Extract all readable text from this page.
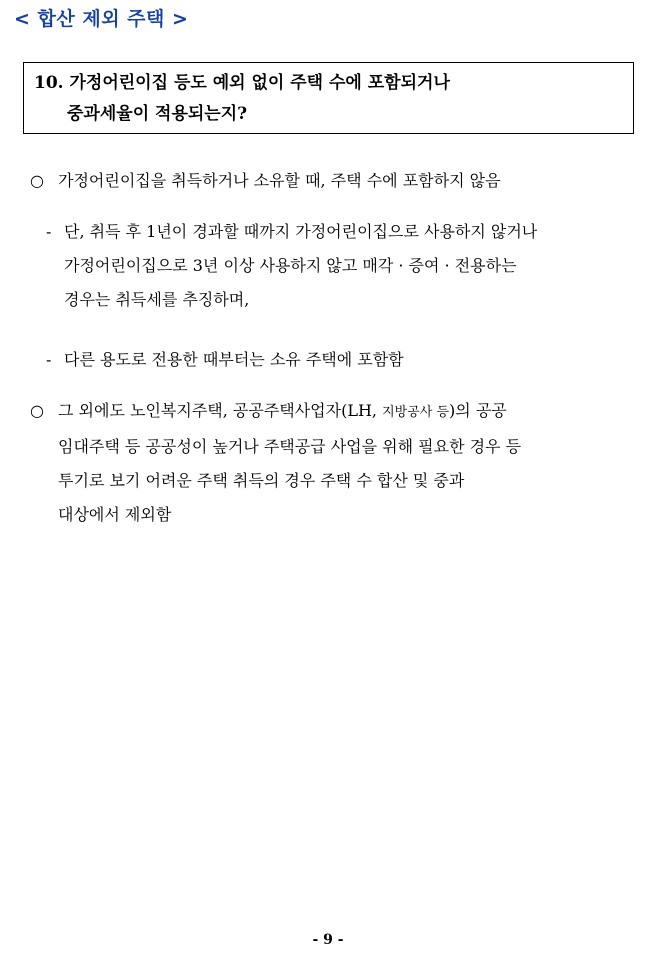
< 합산 제외 주택 >
10. 가정어린이집 등도 예외 없이 주택 수에 포함되거나
중과세율이 적용되는지?
○ 가정어린이집을 취득하거나 소유할 때, 주택 수에 포함하지 않음
- 단, 취득 후 1년이 경과할 때까지 가정어린이집으로 사용하지 않거나
가정어린이집으로 3년 이상 사용하지 않고 매각 · 증여 · 전용하는
경우는 취득세를 추징하며,
- 다른 용도로 전용한 때부터는 소유 주택에 포함함
○ 그 외에도 노인복지주택, 공공주택사업자(LH, 지방공사 등)의 공공
임대주택 등 공공성이 높거나 주택공급 사업을 위해 필요한 경우 등
투기로 보기 어려운 주택 취득의 경우 주택 수 합산 및 중과
대상에서 제외함
- 9 -
